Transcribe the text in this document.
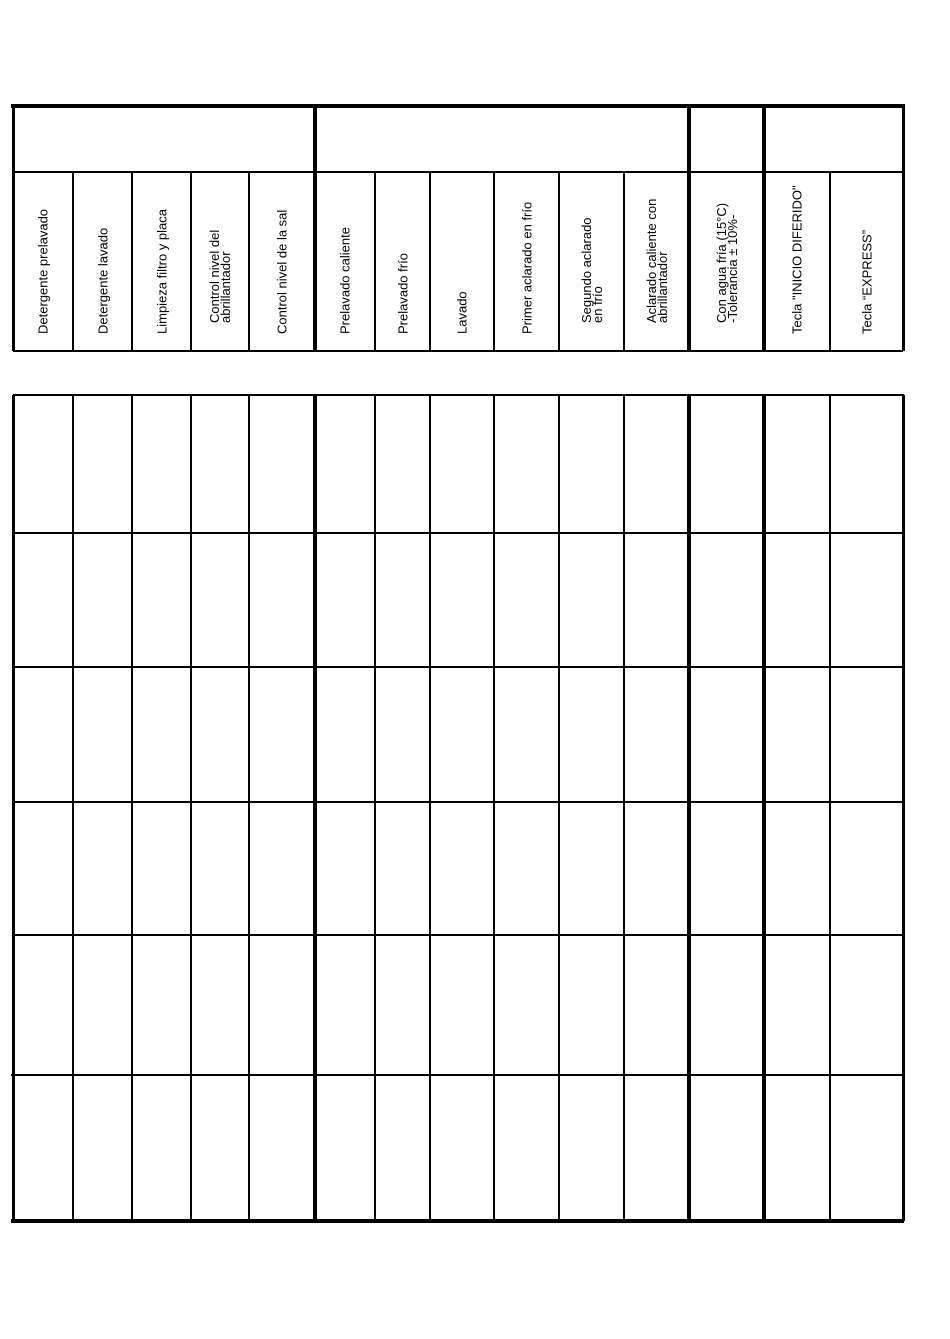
Detergente prelavado	Detergente lavado	Limpieza filtro y placa	Control nivel del
abrillantador	Control nivel de la sal	Prelavado caliente	Prelavado frío	Lavado	Primer aclarado en frío	Segundo aclarado
en frío	Aclarado caliente con
abrillantador	Con agua fría (15°C)
-Tolerancia ± 10%-	Tecla "INICIO DIFERIDO"	Tecla “EXPRESS”
